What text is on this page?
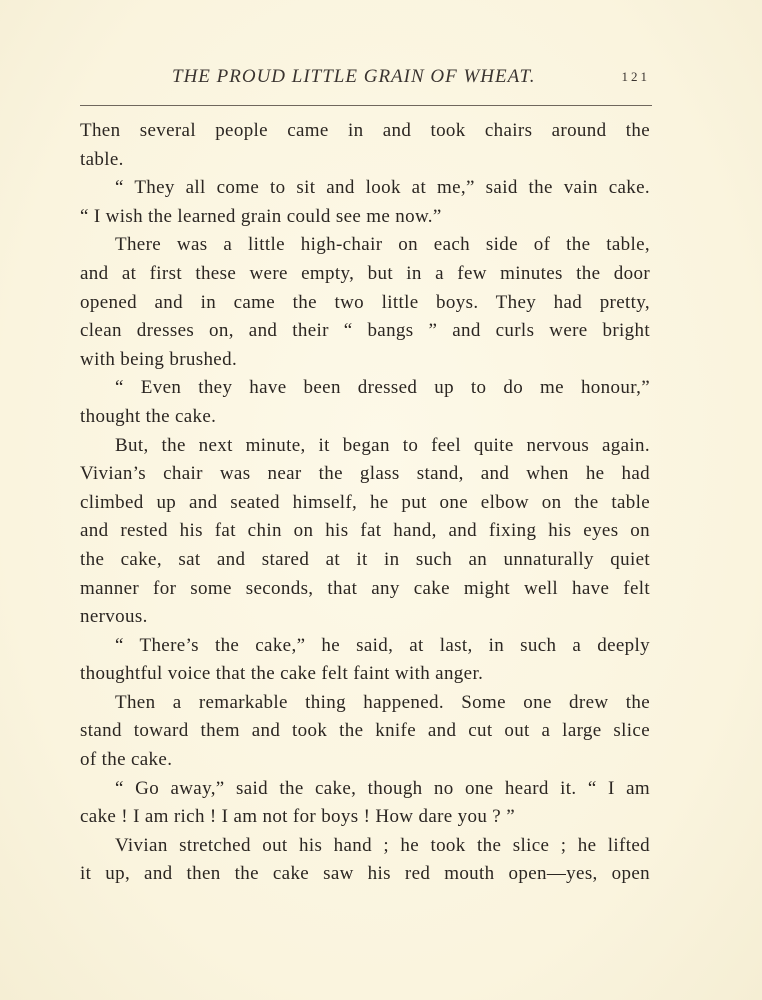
THE PROUD LITTLE GRAIN OF WHEAT.	121
Then several people came in and took chairs around the
table.
“ They all come to sit and look at me,” said the vain cake.
“ I wish the learned grain could see me now.”
There was a little high-chair on each side of the table,
and at first these were empty, but in a few minutes the door
opened and in came the two little boys. They had pretty,
clean dresses on, and their “ bangs ” and curls were bright
with being brushed.
“ Even they have been dressed up to do me honour,”
thought the cake.
But, the next minute, it began to feel quite nervous again.
Vivian’s chair was near the glass stand, and when he had
climbed up and seated himself, he put one elbow on the table
and rested his fat chin on his fat hand, and fixing his eyes on
the cake, sat and stared at it in such an unnaturally quiet
manner for some seconds, that any cake might well have felt
nervous.
“ There’s the cake,” he said, at last, in such a deeply
thoughtful voice that the cake felt faint with anger.
Then a remarkable thing happened. Some one drew the
stand toward them and took the knife and cut out a large slice
of the cake.
“ Go away,” said the cake, though no one heard it. “ I am
cake ! I am rich ! I am not for boys ! How dare you ? ”
Vivian stretched out his hand ; he took the slice ; he lifted
it up, and then the cake saw his red mouth open—yes, open
